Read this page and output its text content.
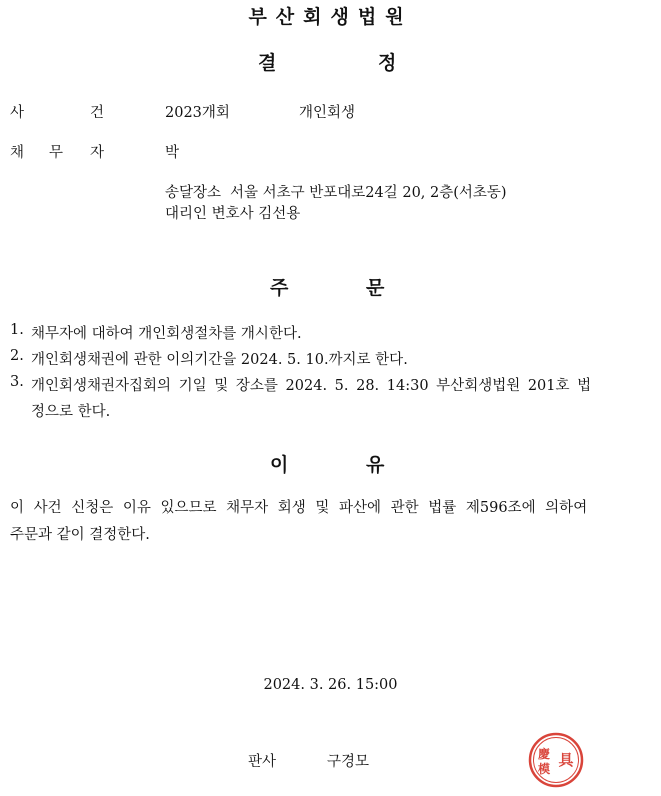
부산회생법원
결	정
사	건	2023개회	개인회생
채 무 자	박
송달장소 서울 서초구 반포대로24길 20, 2층(서초동)
대리인 변호사 김선용
주	문
1. 채무자에 대하여 개인회생절차를 개시한다.
2. 개인회생채권에 관한 이의기간을 2024. 5. 10.까지로 한다.
3. 개인회생채권자집회의 기일 및 장소를 2024. 5. 28. 14:30 부산회생법원 201호 법
정으로 한다.
이	유
이 사건 신청은 이유 있으므로 채무자 회생 및 파산에 관한 법률 제596조에 의하여
주문과 같이 결정한다.
2024. 3. 26. 15:00
판사	구경모	慶
模 具
